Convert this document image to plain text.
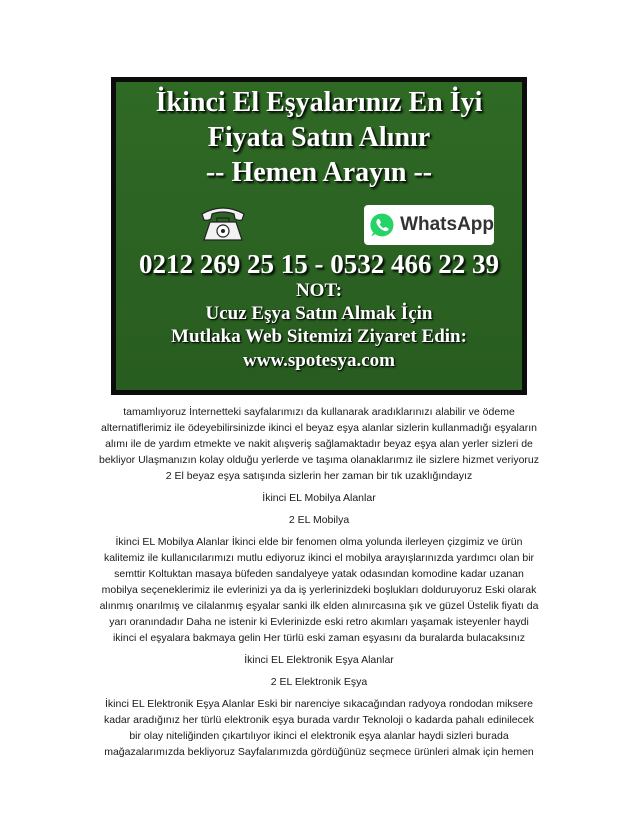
İkinci El Eşyalarınız En İyi
Fiyata Satın Alınır
-- Hemen Arayın --
WhatsApp
0212 269 25 15 - 0532 466 22 39
NOT:
Ucuz Eşya Satın Almak İçin
Mutlaka Web Sitemizi Ziyaret Edin:
www.spotesya.com
tamamlıyoruz İnternetteki sayfalarımızı da kullanarak aradıklarınızı alabilir ve ödeme
alternatiflerimiz ile ödeyebilirsinizde ikinci el beyaz eşya alanlar sizlerin kullanmadığı eşyaların
alımı ile de yardım etmekte ve nakit alışveriş sağlamaktadır beyaz eşya alan yerler sizleri de
bekliyor Ulaşmanızın kolay olduğu yerlerde ve taşıma olanaklarımız ile sizlere hizmet veriyoruz
2 El beyaz eşya satışında sizlerin her zaman bir tık uzaklığındayız
İkinci EL Mobilya Alanlar
2 EL Mobilya
İkinci EL Mobilya Alanlar İkinci elde bir fenomen olma yolunda ilerleyen çizgimiz ve ürün
kalitemiz ile kullanıcılarımızı mutlu ediyoruz ikinci el mobilya arayışlarınızda yardımcı olan bir
semttir Koltuktan masaya büfeden sandalyeye yatak odasından komodine kadar uzanan
mobilya seçeneklerimiz ile evlerinizi ya da iş yerlerinizdeki boşlukları dolduruyoruz Eski olarak
alınmış onarılmış ve cilalanmış eşyalar sanki ilk elden alınırcasına şık ve güzel Üstelik fiyatı da
yarı oranındadır Daha ne istenir ki Evlerinizde eski retro akımları yaşamak isteyenler haydi
ikinci el eşyalara bakmaya gelin Her türlü eski zaman eşyasını da buralarda bulacaksınız
İkinci EL Elektronik Eşya Alanlar
2 EL Elektronik Eşya
İkinci EL Elektronik Eşya Alanlar Eski bir narenciye sıkacağından radyoya rondodan miksere
kadar aradığınız her türlü elektronik eşya burada vardır Teknoloji o kadarda pahalı edinilecek
bir olay niteliğinden çıkartılıyor ikinci el elektronik eşya alanlar haydi sizleri burada
mağazalarımızda bekliyoruz Sayfalarımızda gördüğünüz seçmece ürünleri almak için hemen
